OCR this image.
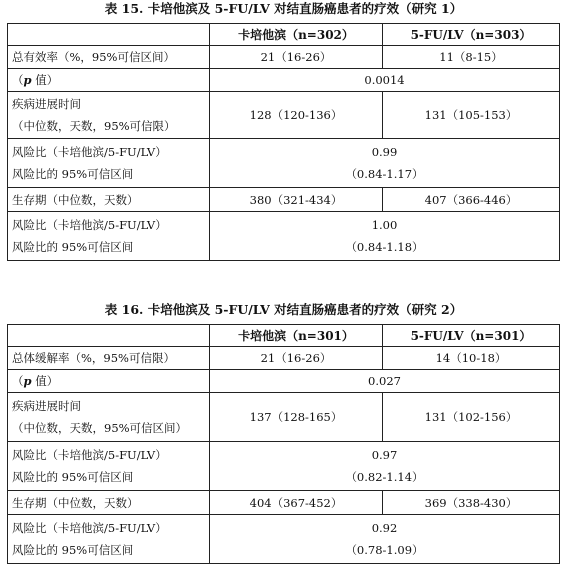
表 15. 卡培他滨及 5-FU/LV 对结直肠癌患者的疗效（研究 1）
	卡培他滨（n=302）	5-FU/LV（n=303）
总有效率（%，95%可信区间）	21（16-26）	11（8-15）
（p 值）	0.0014	

疾病进展时间
（中位数，天数，95%可信限）	128（120-136）	131（105-153）

风险比（卡培他滨/5-FU/LV）
风险比的 95%可信区间	0.99
（0.84-1.17）	

生存期（中位数，天数）	380（321-434）	407（366-446）

风险比（卡培他滨/5-FU/LV）
风险比的 95%可信区间	1.00
（0.84-1.18）	
表 16. 卡培他滨及 5-FU/LV 对结直肠癌患者的疗效（研究 2）
	卡培他滨（n=301）	5-FU/LV（n=301）
总体缓解率（%，95%可信限）	21（16-26）	14（10-18）
（p 值）	0.027	

疾病进展时间
（中位数，天数，95%可信区间）	137（128-165）	131（102-156）

风险比（卡培他滨/5-FU/LV）
风险比的 95%可信区间	0.97
（0.82-1.14）	

生存期（中位数，天数）	404（367-452）	369（338-430）

风险比（卡培他滨/5-FU/LV）
风险比的 95%可信区间	0.92
（0.78-1.09）	
